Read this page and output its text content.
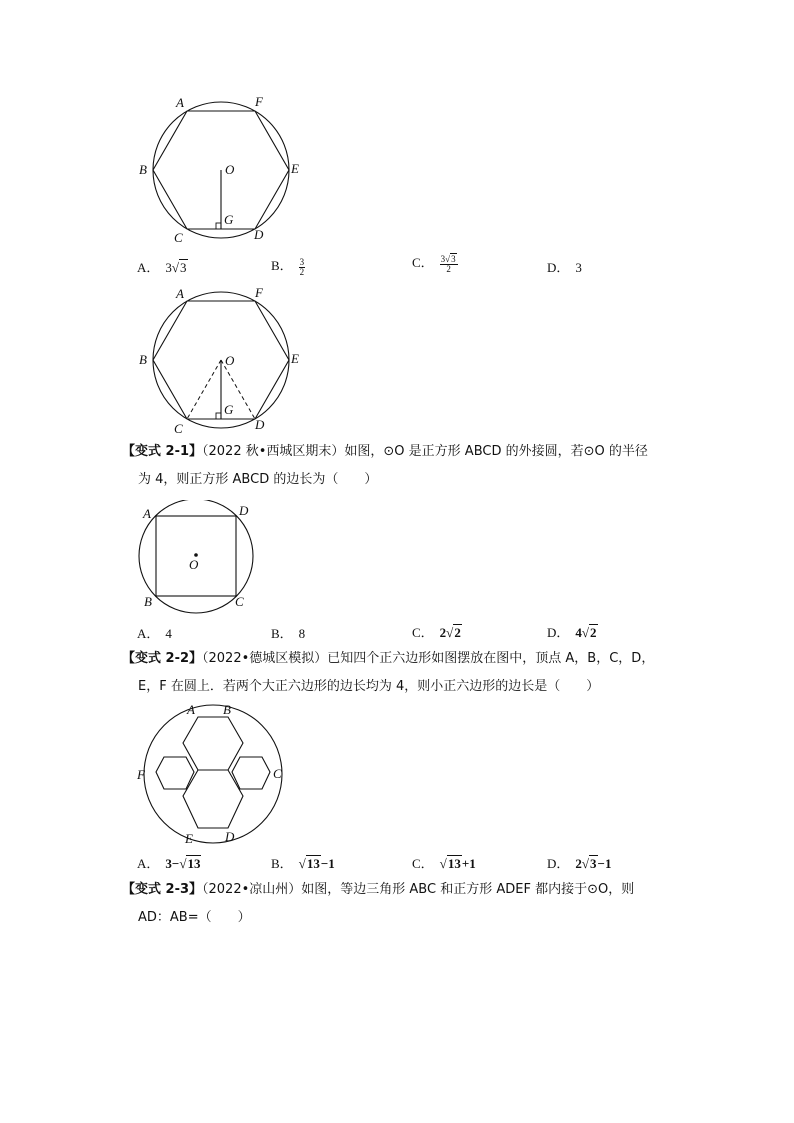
A	F
B	E
O
G
C	D
A． 3√3	B． $\frac{3}{2}$	C． $\frac{3√3}{2}$	D． 3
A	F
B	E
O
G
C	D
【变式 2-1】（2022 秋•西城区期末）如图，⊙O 是正方形 ABCD 的外接圆，若⊙O 的半径
为 4，则正方形 ABCD 的边长为（　　）
A	D
O
B	C
A． 4	B． 8	C． 2√2	D． 4√2
【变式 2-2】（2022•德城区模拟）已知四个正六边形如图摆放在图中，顶点 A，B，C，D，
E，F 在圆上．若两个大正六边形的边长均为 4，则小正六边形的边长是（　　）
A B
F	C
E D
A． 3−√13	B． √13−1	C． √13+1	D． 2√3−1
【变式 2-3】（2022•凉山州）如图，等边三角形 ABC 和正方形 ADEF 都内接于⊙O，则
AD：AB=（　　）
